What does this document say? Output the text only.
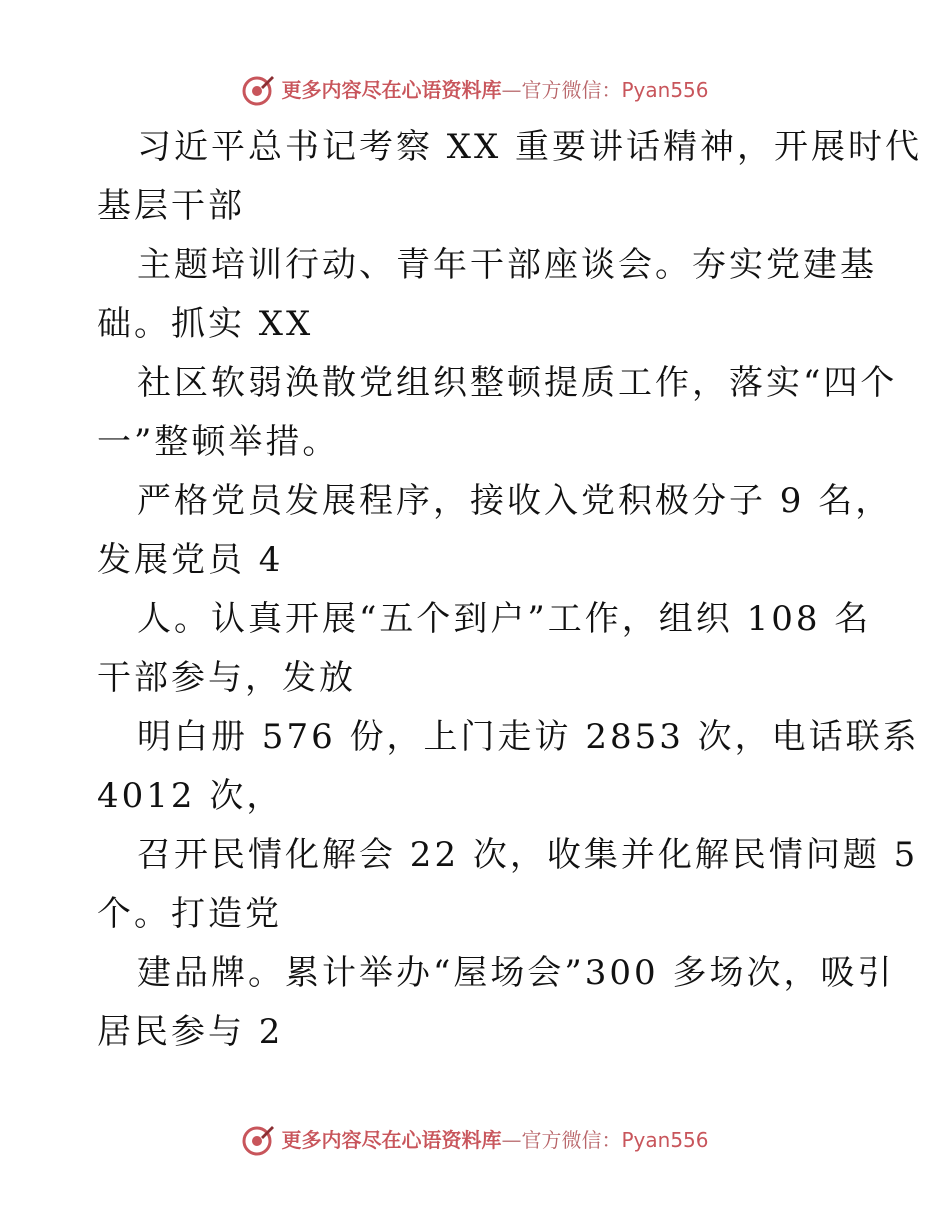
更多内容尽在心语资料库 — 官方微信： Pyan556
习近平总书记考察 XX 重要讲话精神，开展时代
基层干部
主题培训行动、青年干部座谈会。夯实党建基
础。抓实 XX
社区软弱涣散党组织整顿提质工作，落实“四个
一”整顿举措。
严格党员发展程序，接收入党积极分子 9 名，
发展党员 4
人。认真开展“五个到户”工作，组织 108 名
干部参与，发放
明白册 576 份，上门走访 2853 次，电话联系
4012 次，
召开民情化解会 22 次，收集并化解民情问题 5
个。打造党
建品牌。累计举办“屋场会”300 多场次，吸引
居民参与 2
更多内容尽在心语资料库 — 官方微信： Pyan556
